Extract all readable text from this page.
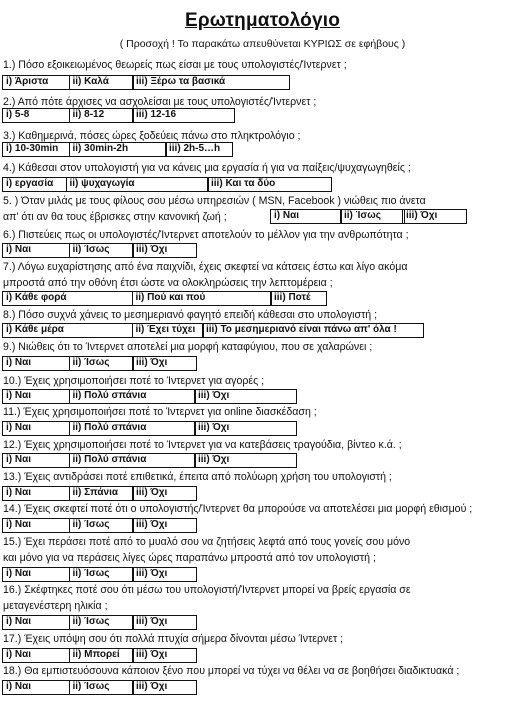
Ερωτηματολόγιο
( Προσοχή ! Το παρακάτω απευθύνεται ΚΥΡΙΩΣ σε εφήβους )
1.) Πόσο εξοικειωμένος θεωρείς πως είσαι με τους υπολογιστές/Ίντερνετ ;
i) Άριστα	ii) Καλά	iii) Ξέρω τα βασικά
2.) Από πότε άρχισες να ασχολείσαι με τους υπολογιστές/Ίντερνετ ;
i) 5-8	ii) 8-12	iii) 12-16
3.) Καθημερινά, πόσες ώρες ξοδεύεις πάνω στο πληκτρολόγιο ;
i) 10-30min	ii) 30min-2h	iii) 2h-5…h
4.) Κάθεσαι στον υπολογιστή για να κάνεις μια εργασία ή για να παίξεις/ψυχαγωγηθείς ;
i) εργασία	ii) ψυχαγωγία	iii) Και τα δύο
5. ) Όταν μιλάς με τους φίλους σου μέσω υπηρεσιών ( MSN, Facebook ) νιώθεις πιο άνετα
απ' ότι αν θα τους έβρισκες στην κανονική ζωή ;	i) Ναι	ii) Ίσως	iii) Όχι
6.) Πιστεύεις πως οι υπολογιστές/Ίντερνετ αποτελούν το μέλλον για την ανθρωπότητα ;
i) Ναι	ii) Ίσως	iii) Όχι
7.) Λόγω ευχαρίστησης από ένα παιχνίδι, έχεις σκεφτεί να κάτσεις έστω και λίγο ακόμα
μπροστά από την οθόνη έτσι ώστε να ολοκληρώσεις την λεπτομέρεια ;
i) Κάθε φορά	ii) Πού και πού	iii) Ποτέ
8.) Πόσο συχνά χάνεις το μεσημεριανό φαγητό επειδή κάθεσαι στο υπολογιστή ;
i) Κάθε μέρα	ii) Έχει τύχει	iii) Το μεσημεριανό είναι πάνω απ' όλα !
9.) Νιώθεις ότι το Ίντερνετ αποτελεί μια μορφή καταφύγιου, που σε χαλαρώνει ;
i) Ναι	ii) Ίσως	iii) Όχι
10.) Έχεις χρησιμοποιήσει ποτέ το Ίντερνετ για αγορές ;
i) Ναι	ii) Πολύ σπάνια	iii) Όχι
11.) Έχεις χρησιμοποιήσει ποτέ το Ίντερνετ για online διασκέδαση ;
i) Ναι	ii) Πολύ σπάνια	iii) Όχι
12.) Έχεις χρησιμοποιήσει ποτέ το Ίντερνετ για να κατεβάσεις τραγούδια, βίντεο κ.ά. ;
i) Ναι	ii) Πολύ σπάνια	iii) Όχι
13.) Έχεις αντιδράσει ποτέ επιθετικά, έπειτα από πολύωρη χρήση του υπολογιστή ;
i) Ναι	ii) Σπάνια	iii) Όχι
14.) Έχεις σκεφτεί ποτέ ότι ο υπολογιστής/Ίντερνετ θα μπορούσε να αποτελέσει μια μορφή εθισμού ;
i) Ναι	ii) Ίσως	iii) Όχι
15.) Έχει περάσει ποτέ από το μυαλό σου να ζητήσεις λεφτά από τους γονείς σου μόνο
και μόνο για να περάσεις λίγες ώρες παραπάνω μπροστά από τον υπολογιστή ;
i) Ναι	ii) Ίσως	iii) Όχι
16.) Σκέφτηκες ποτέ σου ότι μέσω του υπολογιστή/Ίντερνετ μπορεί να βρείς εργασία σε
μεταγενέστερη ηλικία ;
i) Ναι	ii) Ίσως	iii) Όχι
17.) Έχεις υπόψη σου ότι πολλά πτυχία σήμερα δίνονται μέσω Ίντερνετ ;
i) Ναι	ii) Μπορεί	iii) Όχι
18.) Θα εμπιστευόσουνα κάποιον ξένο που μπορεί να τύχει να θέλει να σε βοηθήσει διαδικτυακά ;
i) Ναι	ii) Ίσως	iii) Όχι
